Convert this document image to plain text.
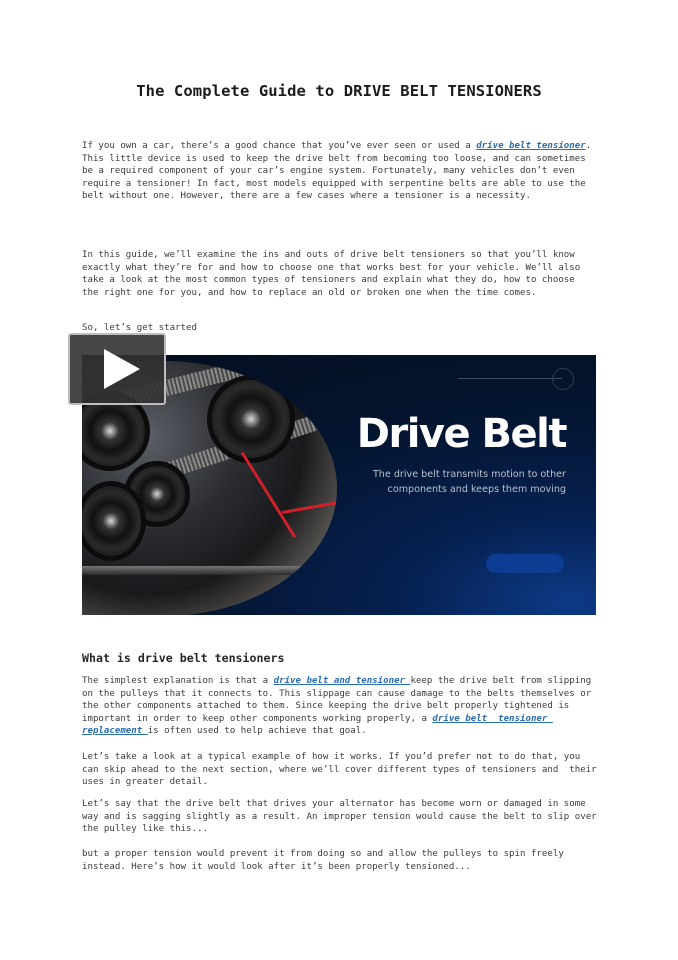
The Complete Guide to DRIVE BELT TENSIONERS
If you own a car, there’s a good chance that you’ve ever seen or used a drive belt tensioner. This little device is used to keep the drive belt from becoming too loose, and can sometimes be a required component of your car’s engine system. Fortunately, many vehicles don’t even require a tensioner! In fact, most models equipped with serpentine belts are able to use the belt without one. However, there are a few cases where a tensioner is a necessity.
In this guide, we’ll examine the ins and outs of drive belt tensioners so that you’ll know exactly what they’re for and how to choose one that works best for your vehicle. We’ll also take a look at the most common types of tensioners and explain what they do, how to choose  the right one for you, and how to replace an old or broken one when the time comes.
So, let’s get started
Drive Belt
The drive belt transmits motion to other components and keeps them moving
What is drive belt tensioners
The simplest explanation is that a drive belt and tensioner keep the drive belt from slipping on the pulleys that it connects to. This slippage can cause damage to the belts themselves or the other components attached to them. Since keeping the drive belt properly tightened is important in order to keep other components working properly, a drive belt  tensioner replacement is often used to help achieve that goal.
Let’s take a look at a typical example of how it works. If you’d prefer not to do that, you can skip ahead to the next section, where we’ll cover different types of tensioners and  their uses in greater detail.
Let’s say that the drive belt that drives your alternator has become worn or damaged in some way and is sagging slightly as a result. An improper tension would cause the belt to slip over the pulley like this...
but a proper tension would prevent it from doing so and allow the pulleys to spin freely instead. Here’s how it would look after it’s been properly tensioned...
